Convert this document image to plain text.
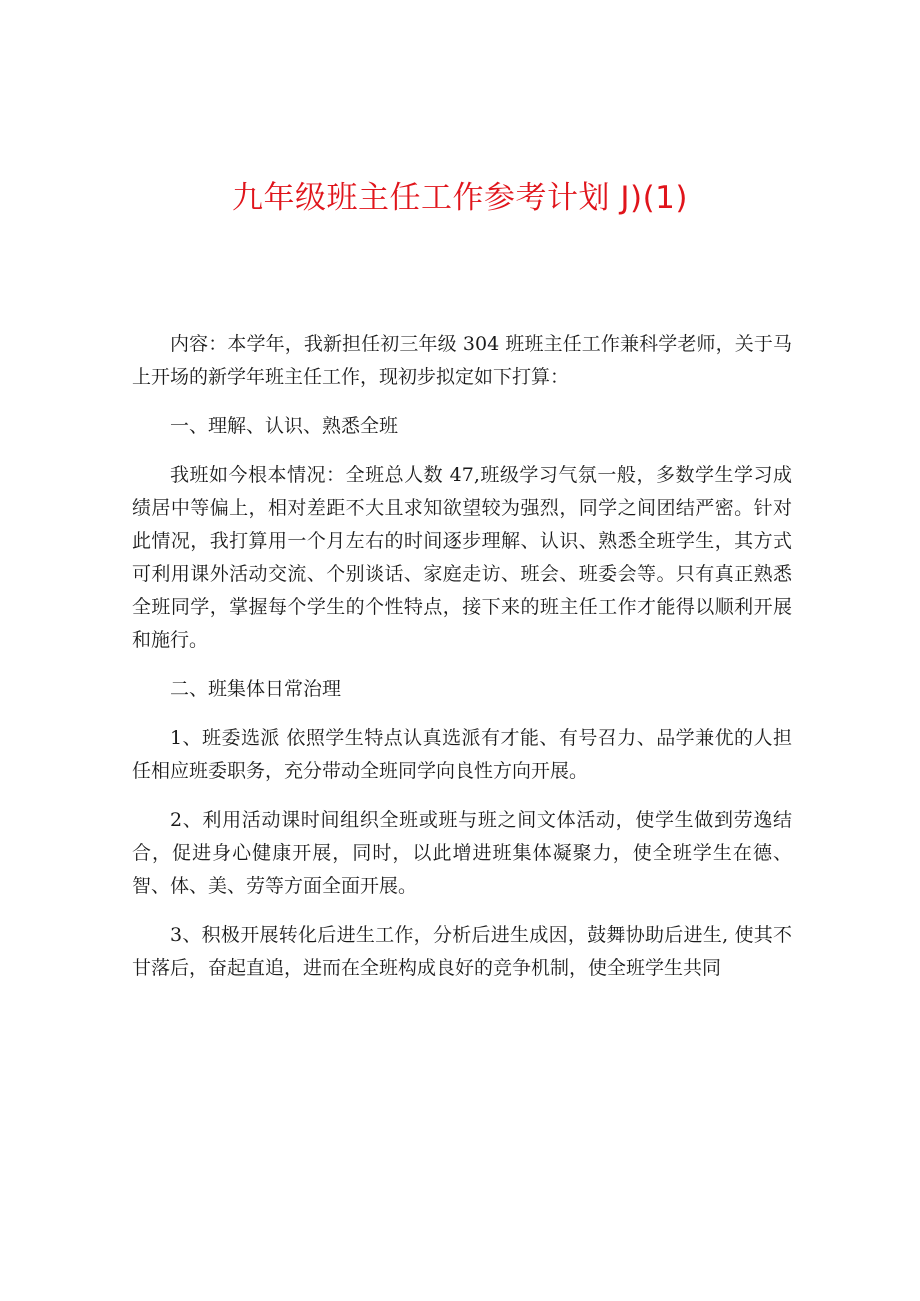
九年级班主任工作参考计划 J)(1)

内容：本学年，我新担任初三年级 304 班班主任工作兼科学老师，关于马上开场的新学年班主任工作，现初步拟定如下打算：

一、理解、认识、熟悉全班

我班如今根本情况：全班总人数 47,班级学习气氛一般，多数学生学习成绩居中等偏上，相对差距不大且求知欲望较为强烈，同学之间团结严密。针对此情况，我打算用一个月左右的时间逐步理解、认识、熟悉全班学生，其方式可利用课外活动交流、个别谈话、家庭走访、班会、班委会等。只有真正熟悉全班同学，掌握每个学生的个性特点，接下来的班主任工作才能得以顺利开展和施行。

二、班集体日常治理

1、班委选派 依照学生特点认真选派有才能、有号召力、品学兼优的人担任相应班委职务，充分带动全班同学向良性方向开展。

2、利用活动课时间组织全班或班与班之间文体活动，使学生做到劳逸结合，促进身心健康开展，同时，以此增进班集体凝聚力，使全班学生在德、智、体、美、劳等方面全面开展。

3、积极开展转化后进生工作，分析后进生成因，鼓舞协助后进生, 使其不甘落后，奋起直追，进而在全班构成良好的竞争机制，使全班学生共同
